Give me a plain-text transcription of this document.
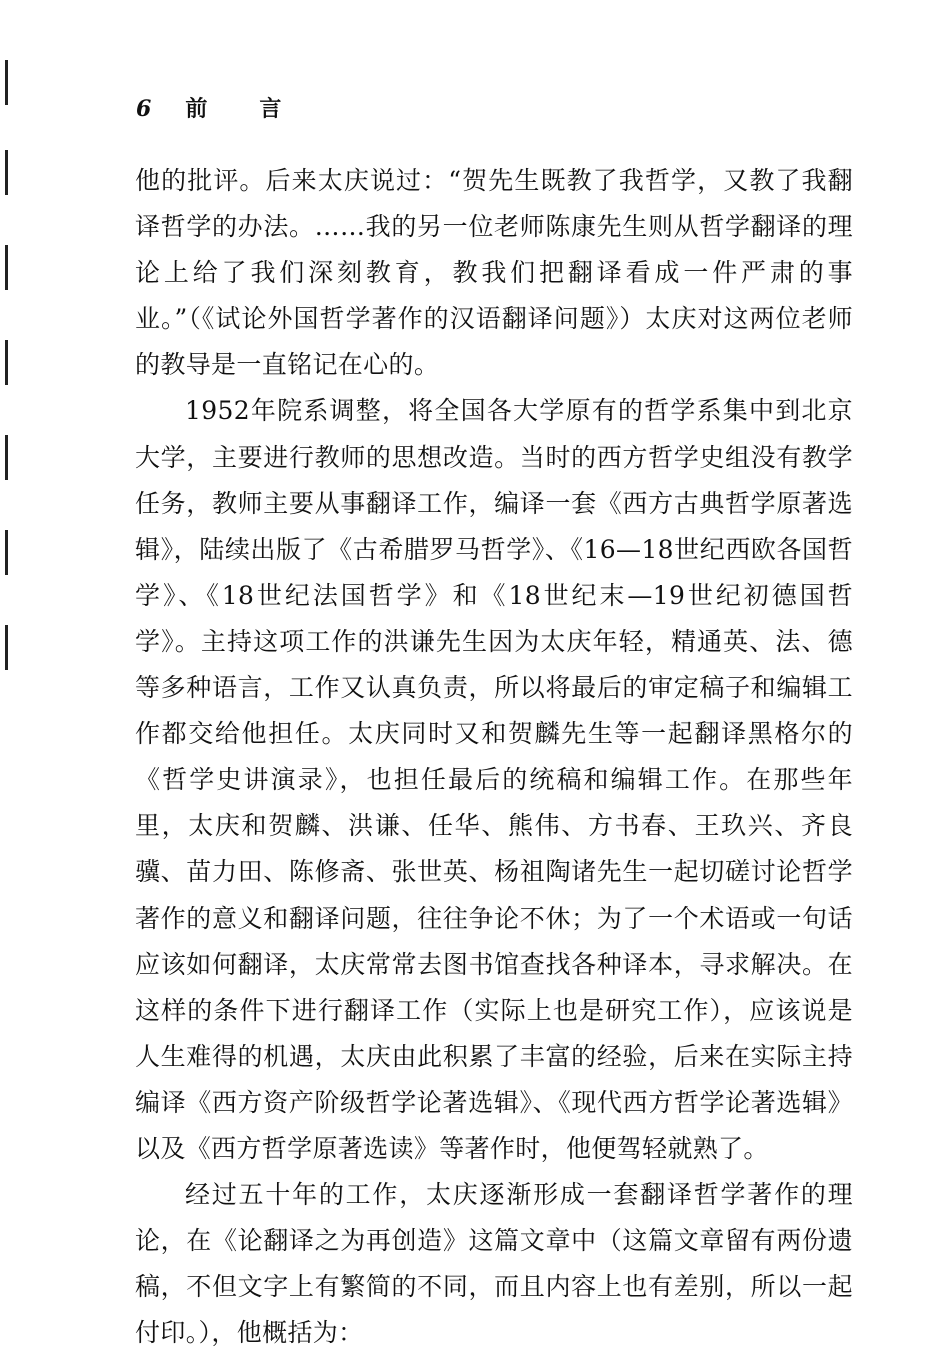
6 前言

他的批评。后来太庆说过：“贺先生既教了我哲学，又教了我翻译哲学的办法。……我的另一位老师陈康先生则从哲学翻译的理论上给了我们深刻教育，教我们把翻译看成一件严肃的事业。”（《试论外国哲学著作的汉语翻译问题》）太庆对这两位老师的教导是一直铭记在心的。

1952年院系调整，将全国各大学原有的哲学系集中到北京大学，主要进行教师的思想改造。当时的西方哲学史组没有教学任务，教师主要从事翻译工作，编译一套《西方古典哲学原著选辑》，陆续出版了《古希腊罗马哲学》、《16—18世纪西欧各国哲学》、《18世纪法国哲学》和《18世纪末—19世纪初德国哲学》。主持这项工作的洪谦先生因为太庆年轻，精通英、法、德等多种语言，工作又认真负责，所以将最后的审定稿子和编辑工作都交给他担任。太庆同时又和贺麟先生等一起翻译黑格尔的《哲学史讲演录》，也担任最后的统稿和编辑工作。在那些年里，太庆和贺麟、洪谦、任华、熊伟、方书春、王玖兴、齐良骥、苗力田、陈修斋、张世英、杨祖陶诸先生一起切磋讨论哲学著作的意义和翻译问题，往往争论不休；为了一个术语或一句话应该如何翻译，太庆常常去图书馆查找各种译本，寻求解决。在这样的条件下进行翻译工作（实际上也是研究工作），应该说是人生难得的机遇，太庆由此积累了丰富的经验，后来在实际主持编译《西方资产阶级哲学论著选辑》、《现代西方哲学论著选辑》以及《西方哲学原著选读》等著作时，他便驾轻就熟了。

经过五十年的工作，太庆逐渐形成一套翻译哲学著作的理论，在《论翻译之为再创造》这篇文章中（这篇文章留有两份遗稿，不但文字上有繁简的不同，而且内容上也有差别，所以一起付印。），他概括为：
